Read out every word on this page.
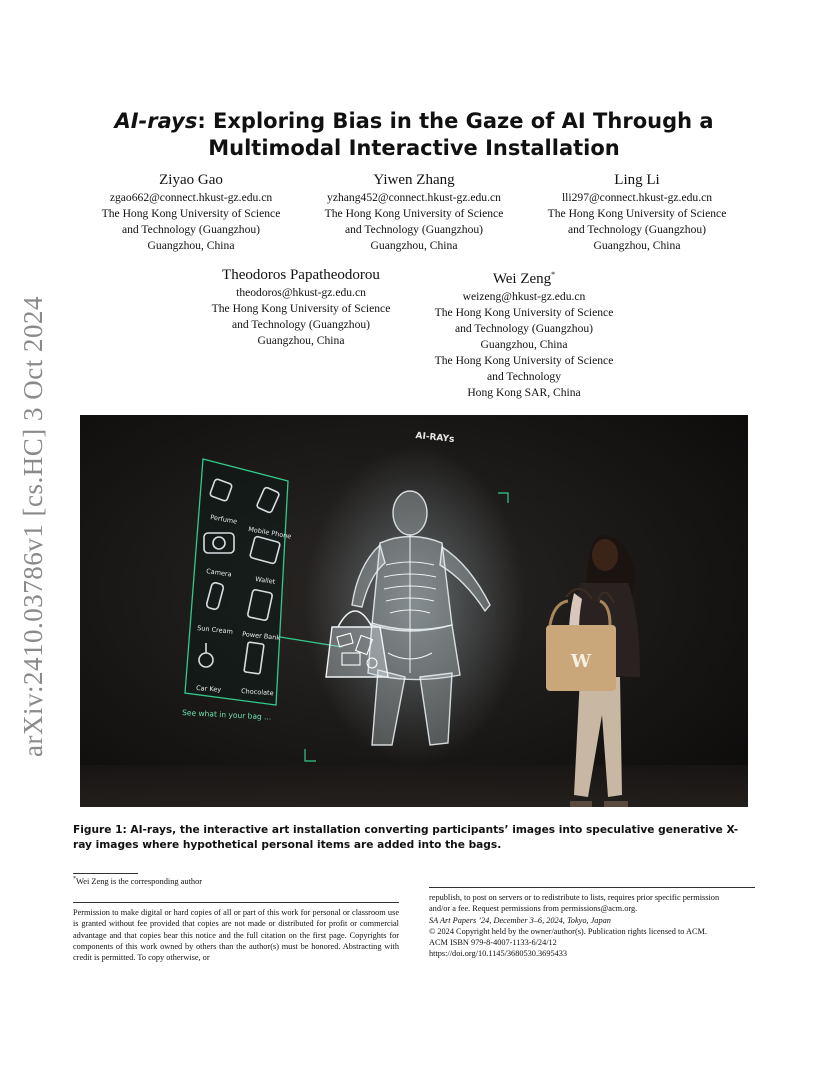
arXiv:2410.03786v1 [cs.HC] 3 Oct 2024
AI-rays: Exploring Bias in the Gaze of AI Through a Multimodal Interactive Installation
Ziyao Gao
zgao662@connect.hkust-gz.edu.cn
The Hong Kong University of Science
and Technology (Guangzhou)
Guangzhou, China
Yiwen Zhang
yzhang452@connect.hkust-gz.edu.cn
The Hong Kong University of Science
and Technology (Guangzhou)
Guangzhou, China
Ling Li
lli297@connect.hkust-gz.edu.cn
The Hong Kong University of Science
and Technology (Guangzhou)
Guangzhou, China
Theodoros Papatheodorou
theodoros@hkust-gz.edu.cn
The Hong Kong University of Science
and Technology (Guangzhou)
Guangzhou, China
Wei Zeng*
weizeng@hkust-gz.edu.cn
The Hong Kong University of Science
and Technology (Guangzhou)
Guangzhou, China
The Hong Kong University of Science
and Technology
Hong Kong SAR, China
AI-RAYs
Perfume
Mobile Phone
Camera
Wallet
Sun Cream
Power Bank
Car Key	Chocolate
See what in your bag ...
W
Figure 1: AI-rays, the interactive art installation converting participants’ images into speculative generative X-ray images where hypothetical personal items are added into the bags.
*Wei Zeng is the corresponding author
Permission to make digital or hard copies of all or part of this work for personal or classroom use is granted without fee provided that copies are not made or distributed for profit or commercial advantage and that copies bear this notice and the full citation on the first page. Copyrights for components of this work owned by others than the author(s) must be honored. Abstracting with credit is permitted. To copy otherwise, or
republish, to post on servers or to redistribute to lists, requires prior specific permission
and/or a fee. Request permissions from permissions@acm.org.
SA Art Papers ’24, December 3–6, 2024, Tokyo, Japan
© 2024 Copyright held by the owner/author(s). Publication rights licensed to ACM.
ACM ISBN 979-8-4007-1133-6/24/12
https://doi.org/10.1145/3680530.3695433
